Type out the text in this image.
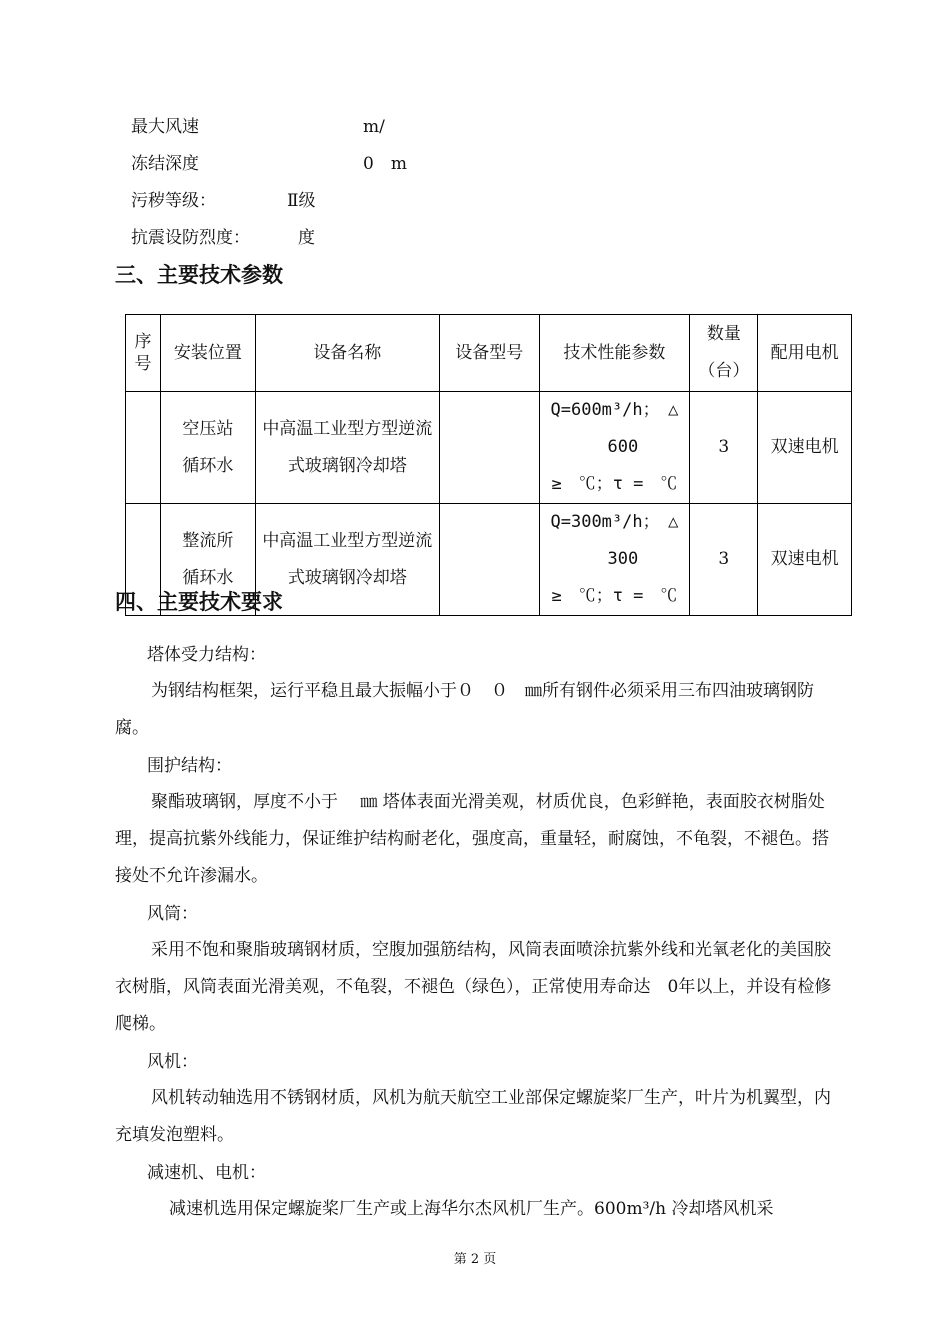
最大风速	m/
冻结深度	0　m
污秽等级：	Ⅱ级
抗震设防烈度：	度
三、主要技术参数
序号	安装位置	设备名称	设备型号	技术性能参数	数量（台）	配用电机
	空压站循环水	中高温工业型方型逆流式玻璃钢冷却塔		Q=600m³/h；　△
　600
≥　℃；τ =　℃	3	双速电机
	整流所循环水	中高温工业型方型逆流式玻璃钢冷却塔		Q=300m³/h；　△
　300
≥　℃；τ =　℃	3	双速电机
四、主要技术要求
塔体受力结构：
为钢结构框架，运行平稳且最大振幅小于０　０　㎜所有钢件必须采用三布四油玻璃钢防腐。
围护结构：
聚酯玻璃钢，厚度不小于　 ㎜ 塔体表面光滑美观，材质优良，色彩鲜艳，表面胶衣树脂处理，提高抗紫外线能力，保证维护结构耐老化，强度高，重量轻，耐腐蚀，不龟裂，不褪色。搭接处不允许渗漏水。
风筒：
采用不饱和聚脂玻璃钢材质，空腹加强筋结构，风筒表面喷涂抗紫外线和光氧老化的美国胶衣树脂，风筒表面光滑美观，不龟裂，不褪色（绿色），正常使用寿命达　0年以上，并设有检修爬梯。
风机：
风机转动轴选用不锈钢材质，风机为航天航空工业部保定螺旋桨厂生产，叶片为机翼型，内充填发泡塑料。
减速机、电机：
减速机选用保定螺旋桨厂生产或上海华尔杰风机厂生产。600m³/h 冷却塔风机采
第 2 页
